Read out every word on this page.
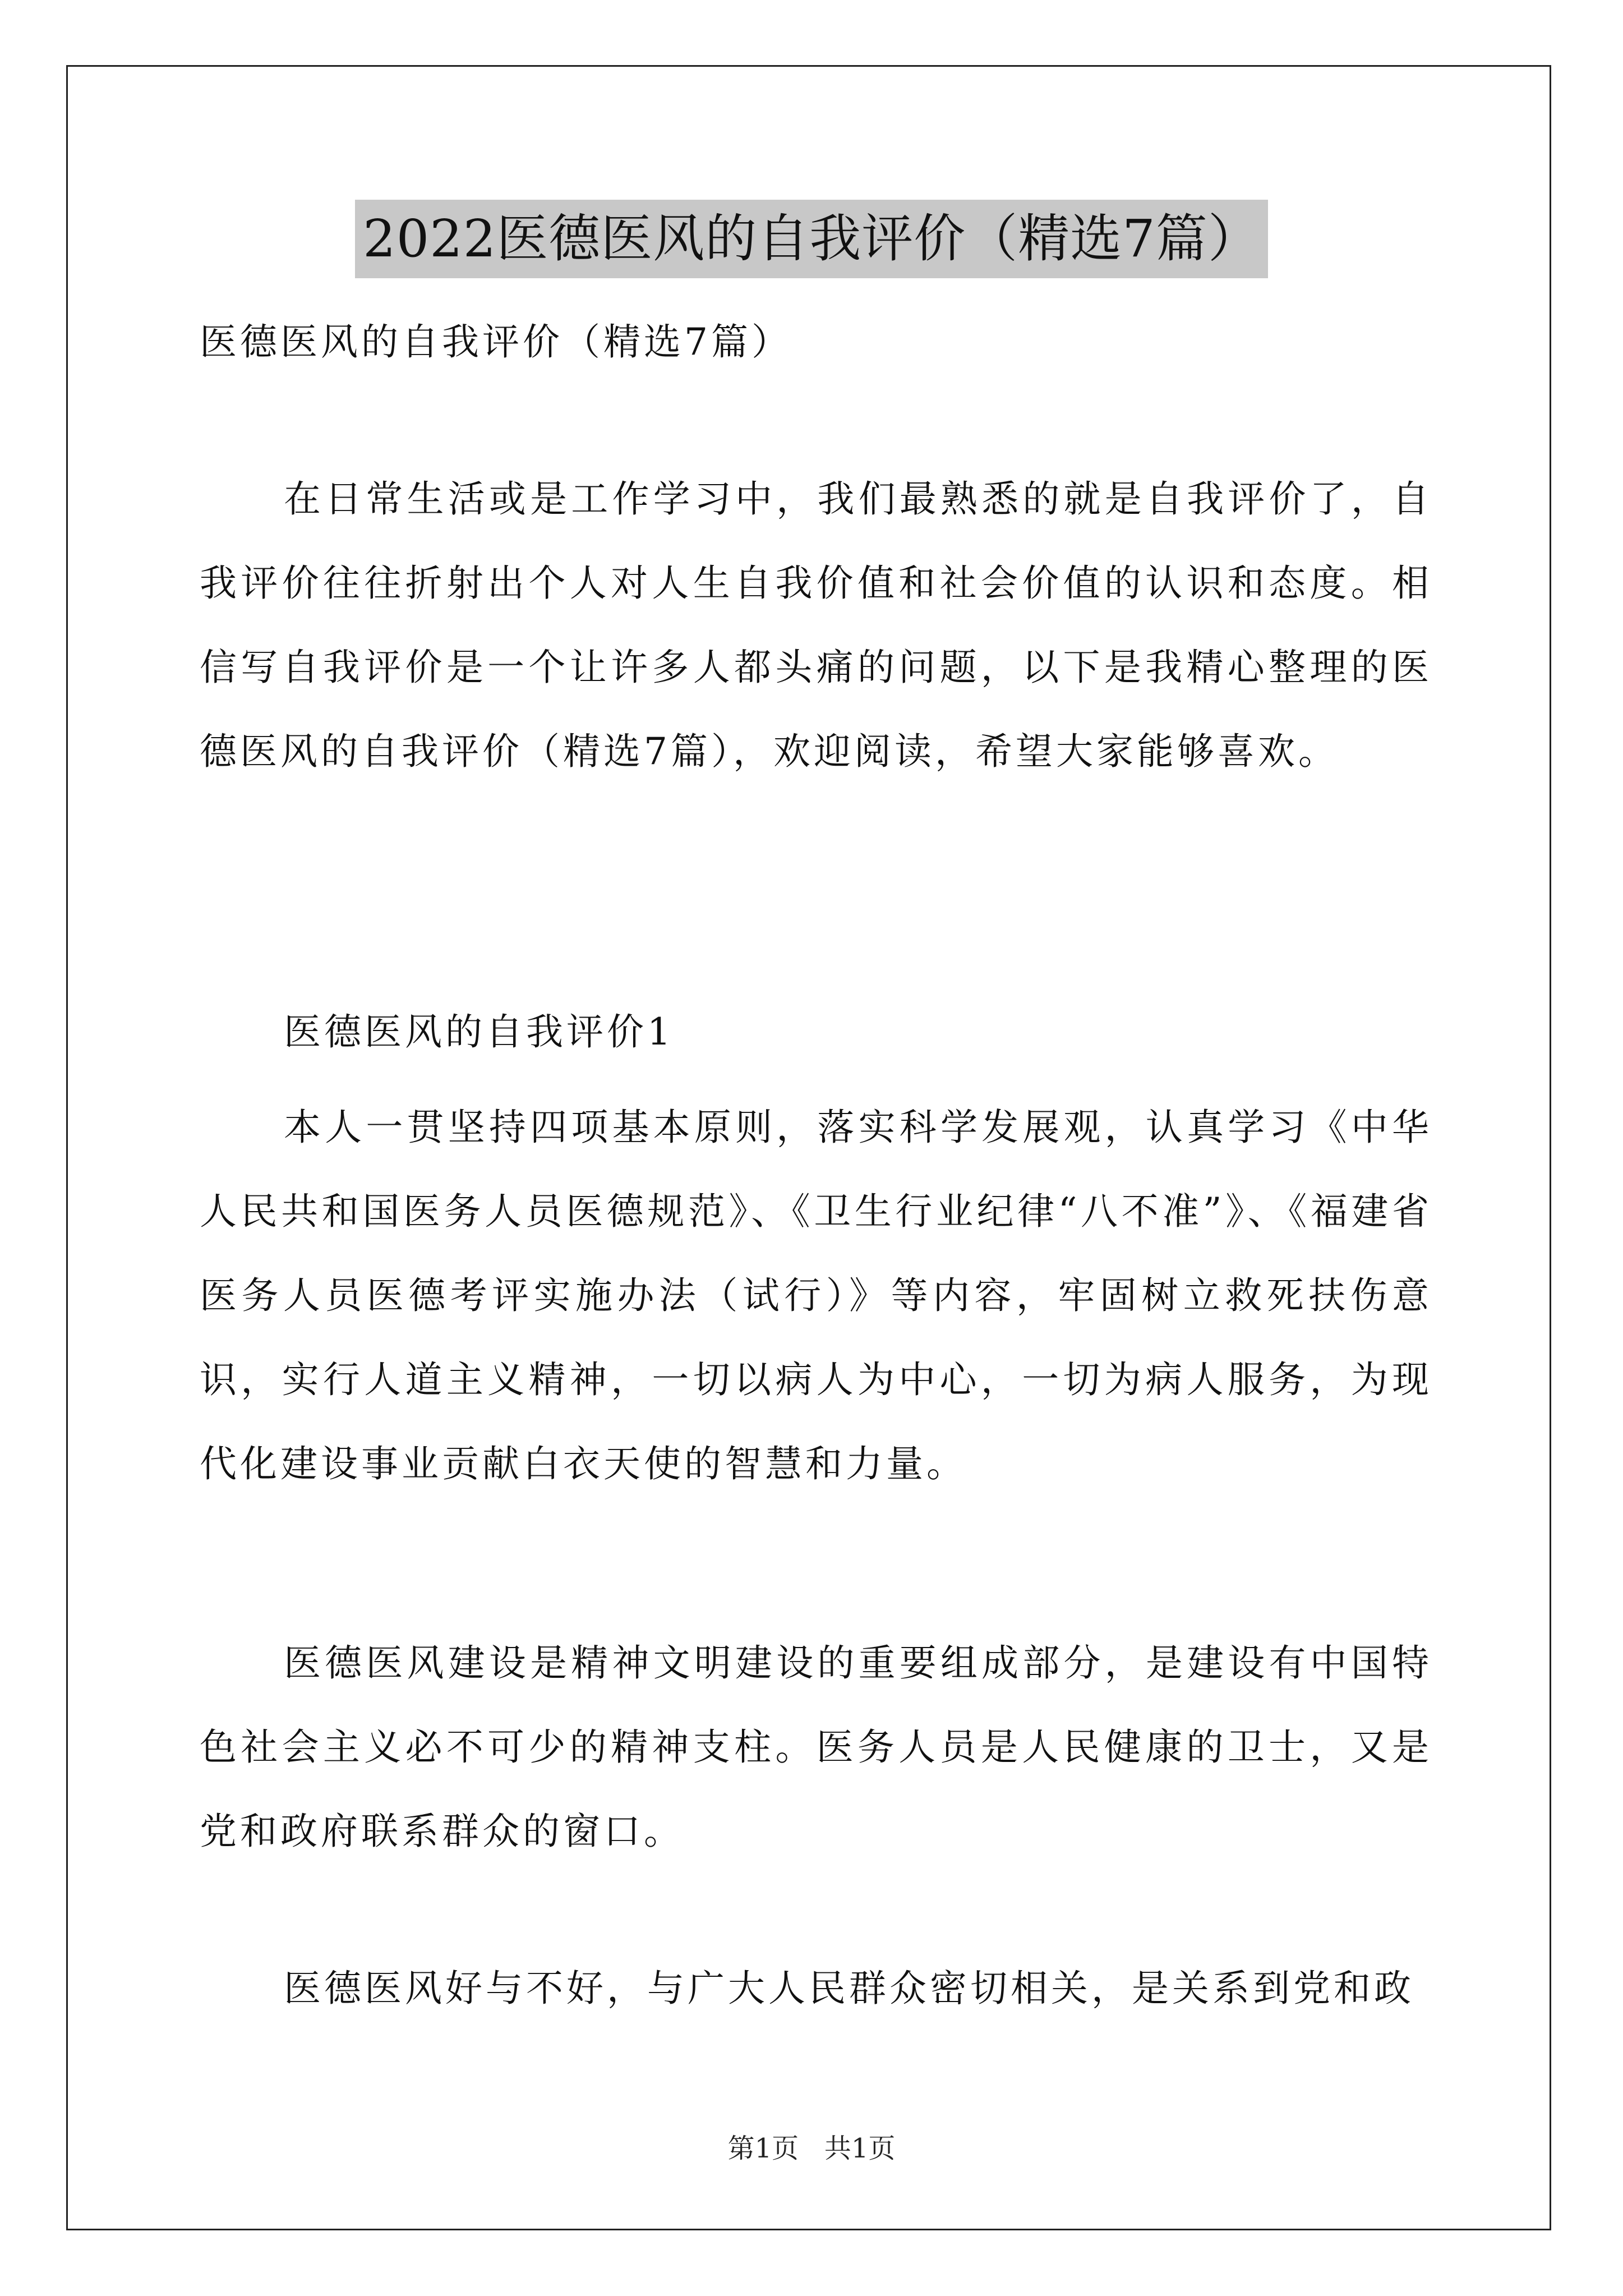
2022医德医风的自我评价（精选7篇）

医德医风的自我评价（精选7篇）

在日常生活或是工作学习中，我们最熟悉的就是自我评价了，自我评价往往折射出个人对人生自我价值和社会价值的认识和态度。相信写自我评价是一个让许多人都头痛的问题，以下是我精心整理的医德医风的自我评价（精选7篇），欢迎阅读，希望大家能够喜欢。

医德医风的自我评价1

本人一贯坚持四项基本原则，落实科学发展观，认真学习《中华人民共和国医务人员医德规范》、《卫生行业纪律“八不准”》、《福建省医务人员医德考评实施办法（试行）》等内容，牢固树立救死扶伤意识，实行人道主义精神，一切以病人为中心，一切为病人服务，为现代化建设事业贡献白衣天使的智慧和力量。

医德医风建设是精神文明建设的重要组成部分，是建设有中国特色社会主义必不可少的精神支柱。医务人员是人民健康的卫士，又是党和政府联系群众的窗口。

医德医风好与不好，与广大人民群众密切相关，是关系到党和政

第1页   共1页
